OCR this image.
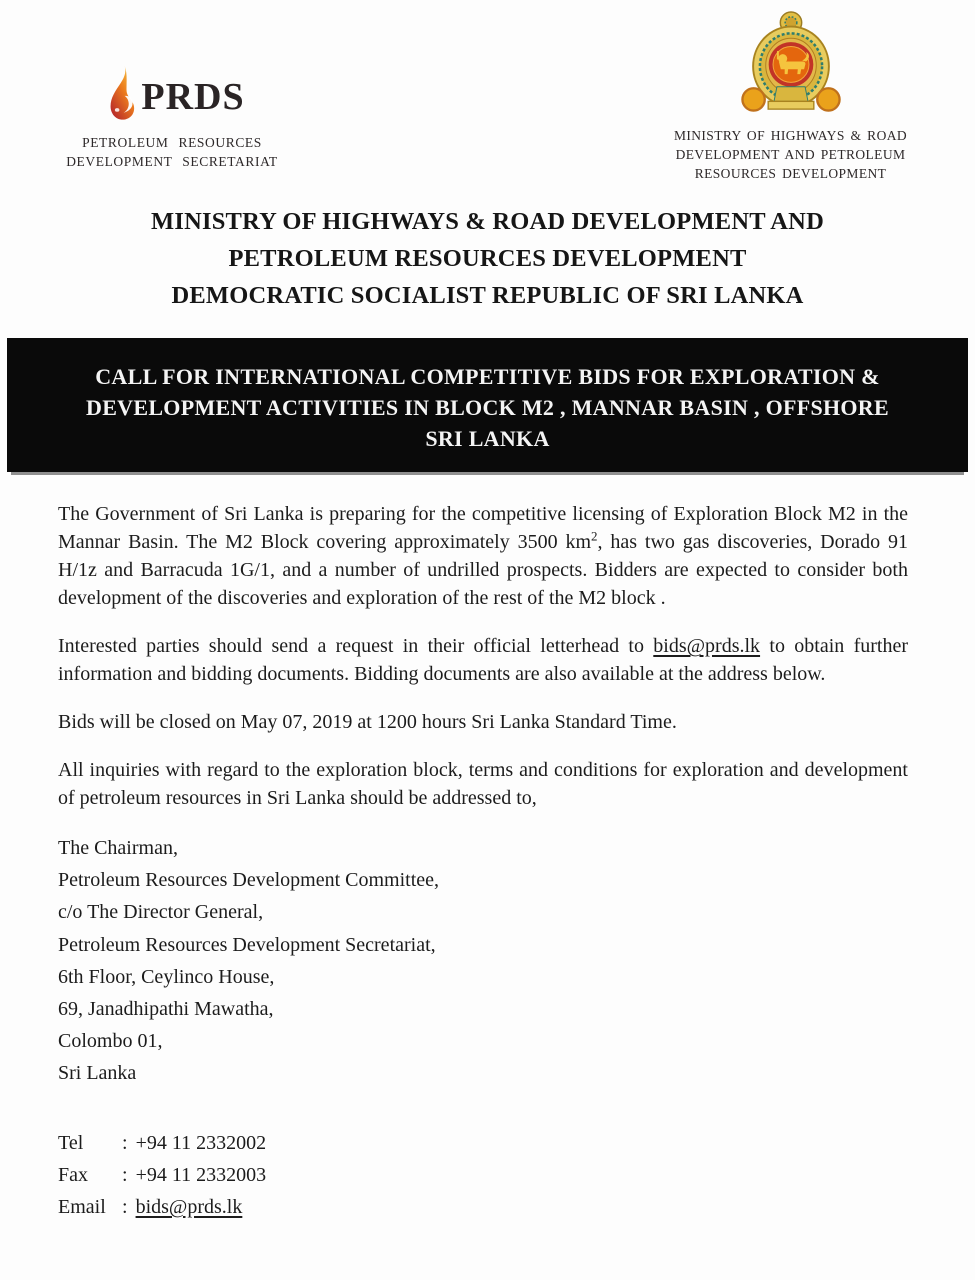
PRDS
PETROLEUM RESOURCES
DEVELOPMENT SECRETARIAT
MINISTRY OF HIGHWAYS & ROAD
DEVELOPMENT AND PETROLEUM
RESOURCES DEVELOPMENT
MINISTRY OF HIGHWAYS & ROAD DEVELOPMENT AND
PETROLEUM RESOURCES DEVELOPMENT
DEMOCRATIC SOCIALIST REPUBLIC OF SRI LANKA
CALL FOR INTERNATIONAL COMPETITIVE BIDS FOR EXPLORATION &
DEVELOPMENT ACTIVITIES IN BLOCK M2 , MANNAR BASIN , OFFSHORE
SRI LANKA

The Government of Sri Lanka is preparing for the competitive licensing of Exploration Block M2 in the Mannar Basin. The M2 Block covering approximately 3500 $km^2$, has two gas discoveries, Dorado 91 H/1z and Barracuda 1G/1, and a number of undrilled prospects. Bidders are expected to consider both development of the discoveries and exploration of the rest of the M2 block .

Interested parties should send a request in their official letterhead to bids@prds.lk to obtain further information and bidding documents. Bidding documents are also available at the address below.

Bids will be closed on May 07, 2019 at 1200 hours Sri Lanka Standard Time.

All inquiries with regard to the exploration block, terms and conditions for exploration and development of petroleum resources in Sri Lanka should be addressed to,

The Chairman,
Petroleum Resources Development Committee,
c/o The Director General,
Petroleum Resources Development Secretariat,
6th Floor, Ceylinco House,
69, Janadhipathi Mawatha,
Colombo 01,
Sri Lanka
Tel : +94 11 2332002
Fax : +94 11 2332003
Email : bids@prds.lk
